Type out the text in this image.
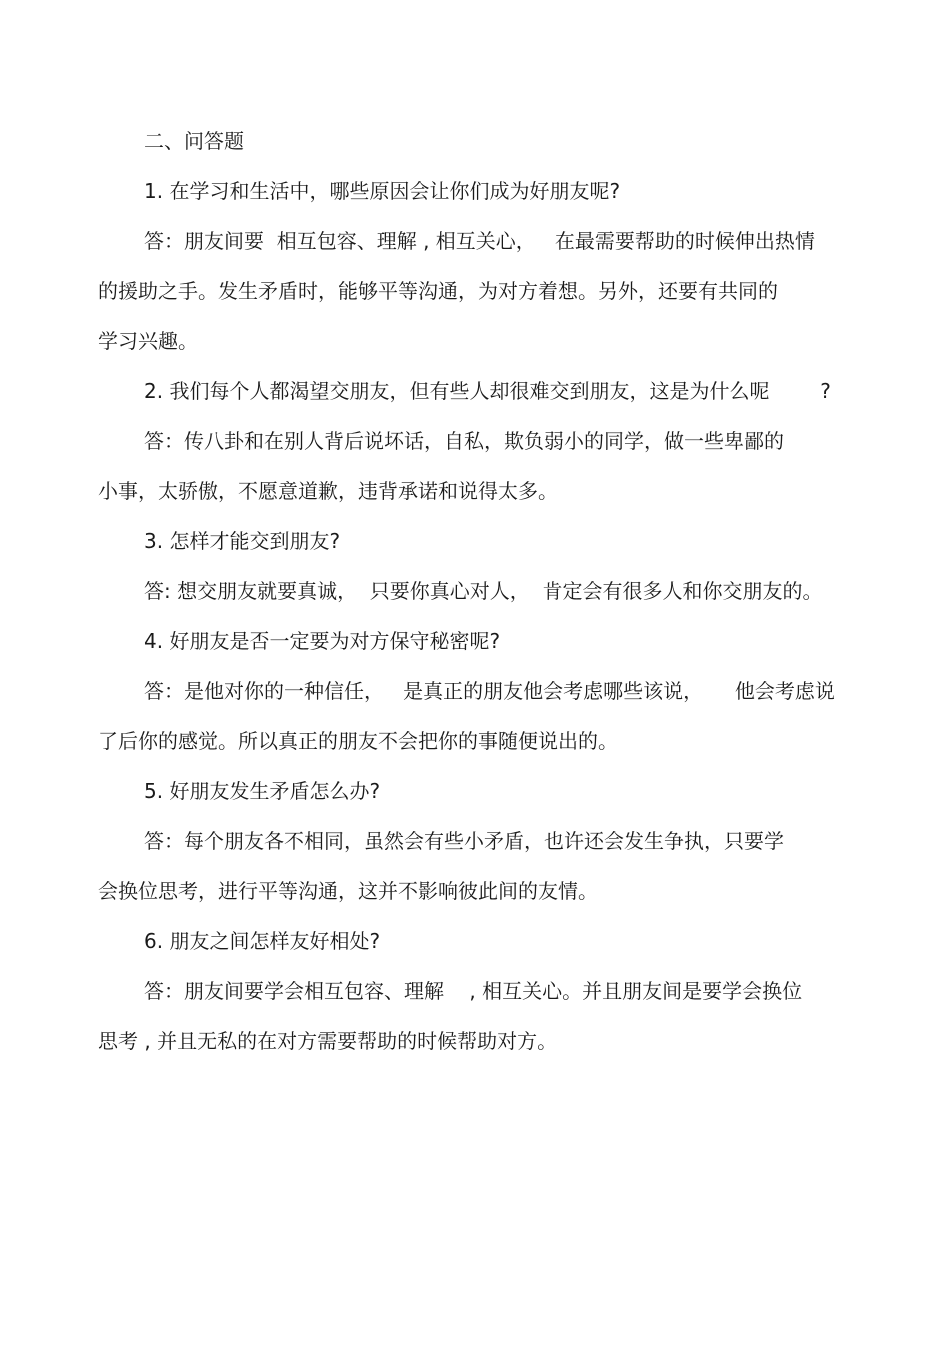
二、问答题
1. 在学习和生活中，哪些原因会让你们成为好朋友呢?
答：朋友间要  相互包容、理解 , 相互关心，   在最需要帮助的时候伸出热情
的援助之手。发生矛盾时，能够平等沟通，为对方着想。另外，还要有共同的
学习兴趣。
2. 我们每个人都渴望交朋友，但有些人却很难交到朋友，这是为什么呢        ?
答：传八卦和在别人背后说坏话，自私，欺负弱小的同学，做一些卑鄙的
小事，太骄傲，不愿意道歉，违背承诺和说得太多。
3. 怎样才能交到朋友?
答: 想交朋友就要真诚，  只要你真心对人，  肯定会有很多人和你交朋友的。
4. 好朋友是否一定要为对方保守秘密呢?
答：是他对你的一种信任，   是真正的朋友他会考虑哪些该说，     他会考虑说
了后你的感觉。所以真正的朋友不会把你的事随便说出的。
5. 好朋友发生矛盾怎么办?
答：每个朋友各不相同，虽然会有些小矛盾，也许还会发生争执，只要学
会换位思考，进行平等沟通，这并不影响彼此间的友情。
6. 朋友之间怎样友好相处?
答：朋友间要学会相互包容、理解    , 相互关心。并且朋友间是要学会换位
思考 , 并且无私的在对方需要帮助的时候帮助对方。
